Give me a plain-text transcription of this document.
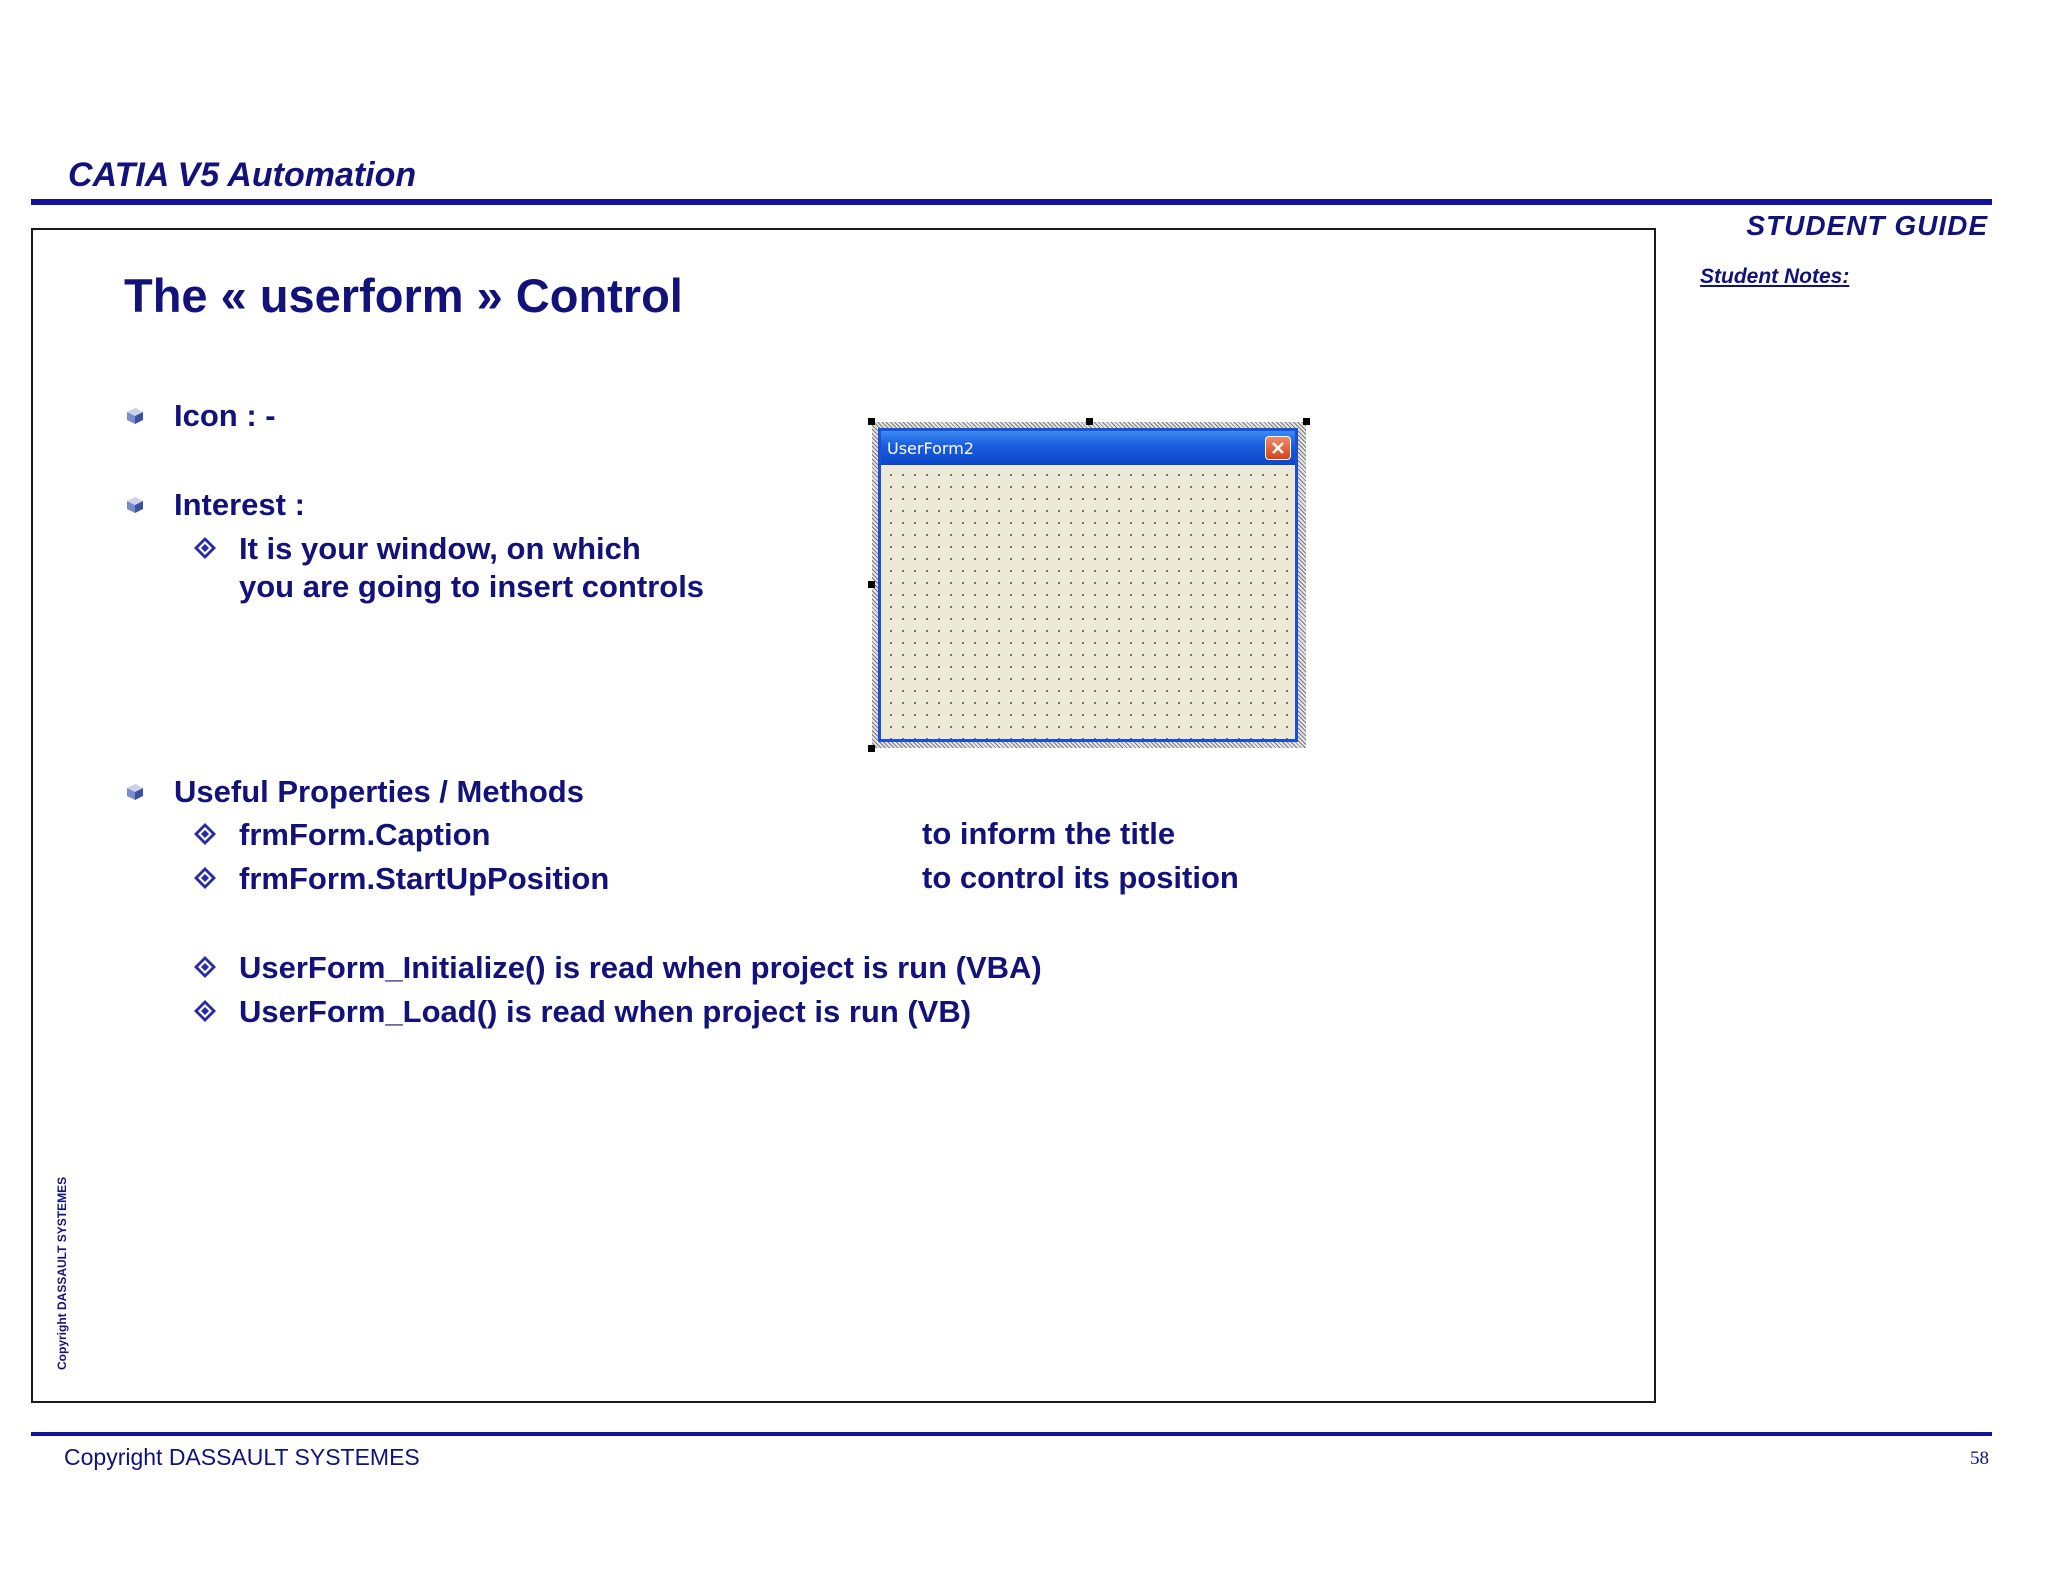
CATIA V5 Automation
STUDENT GUIDE
Student Notes:
The « userform » Control
Icon : -
Interest :
It is your window, on which
you are going to insert controls
UserForm2
Useful Properties / Methods
frmForm.Caption	to inform the title
frmForm.StartUpPosition	to control its position
UserForm_Initialize() is read when project is run (VBA)
UserForm_Load() is read when project is run (VB)
Copyright DASSAULT SYSTEMES
Copyright DASSAULT SYSTEMES	58
